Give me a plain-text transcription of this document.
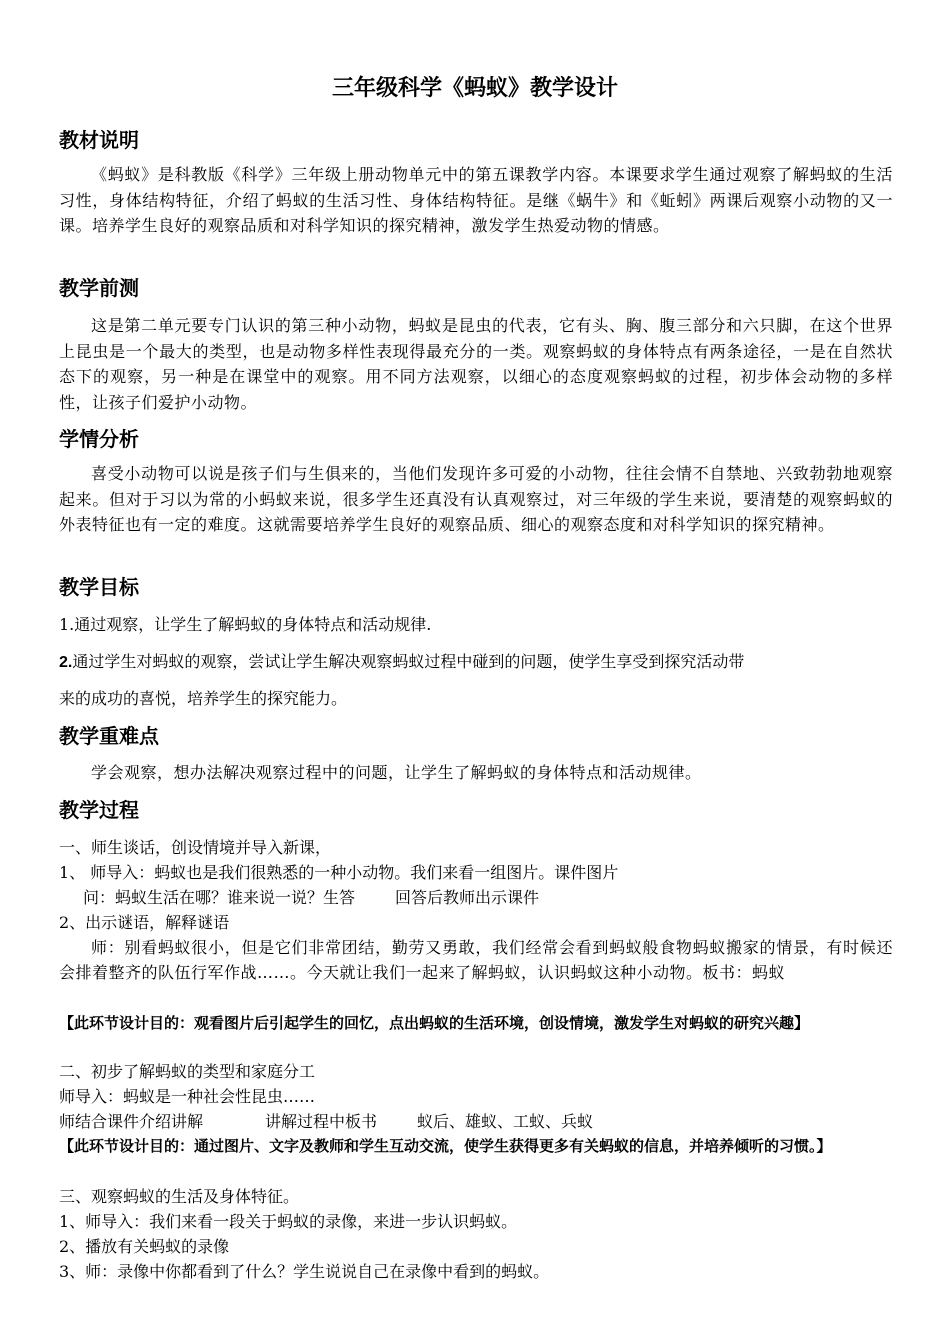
三年级科学《蚂蚁》教学设计
教材说明
《蚂蚁》是科教版《科学》三年级上册动物单元中的第五课教学内容。本课要求学生通过观察了解蚂蚁的生活习性，身体结构特征，介绍了蚂蚁的生活习性、身体结构特征。是继《蜗牛》和《蚯蚓》两课后观察小动物的又一课。培养学生良好的观察品质和对科学知识的探究精神，激发学生热爱动物的情感。
教学前测
这是第二单元要专门认识的第三种小动物，蚂蚁是昆虫的代表，它有头、胸、腹三部分和六只脚，在这个世界上昆虫是一个最大的类型，也是动物多样性表现得最充分的一类。观察蚂蚁的身体特点有两条途径，一是在自然状态下的观察，另一种是在课堂中的观察。用不同方法观察，以细心的态度观察蚂蚁的过程，初步体会动物的多样性，让孩子们爱护小动物。
学情分析
喜受小动物可以说是孩子们与生俱来的，当他们发现许多可爱的小动物，往往会情不自禁地、兴致勃勃地观察起来。但对于习以为常的小蚂蚁来说，很多学生还真没有认真观察过，对三年级的学生来说，要清楚的观察蚂蚁的外表特征也有一定的难度。这就需要培养学生良好的观察品质、细心的观察态度和对科学知识的探究精神。
教学目标
1.通过观察，让学生了解蚂蚁的身体特点和活动规律.
2.通过学生对蚂蚁的观察，尝试让学生解决观察蚂蚁过程中碰到的问题，使学生享受到探究活动带
来的成功的喜悦，培养学生的探究能力。
教学重难点
学会观察，想办法解决观察过程中的问题，让学生了解蚂蚁的身体特点和活动规律。
教学过程
一、师生谈话，创设情境并导入新课，
1、 师导入：蚂蚁也是我们很熟悉的一种小动物。我们来看一组图片。课件图片
问：蚂蚁生活在哪？谁来说一说？生答	回答后教师出示课件
2、出示谜语，解释谜语
师：别看蚂蚁很小，但是它们非常团结，勤劳又勇敢，我们经常会看到蚂蚁般食物蚂蚁搬家的情景，有时候还会排着整齐的队伍行军作战……。今天就让我们一起来了解蚂蚁，认识蚂蚁这种小动物。板书：蚂蚁
【此环节设计目的：观看图片后引起学生的回忆，点出蚂蚁的生活环境，创设情境，激发学生对蚂蚁的研究兴趣】
二、初步了解蚂蚁的类型和家庭分工
师导入：蚂蚁是一种社会性昆虫……
师结合课件介绍讲解	讲解过程中板书	蚁后、雄蚁、工蚁、兵蚁
【此环节设计目的：通过图片、文字及教师和学生互动交流，使学生获得更多有关蚂蚁的信息，并培养倾听的习惯。】
三、观察蚂蚁的生活及身体特征。
1、师导入：我们来看一段关于蚂蚁的录像，来进一步认识蚂蚁。
2、播放有关蚂蚁的录像
3、师：录像中你都看到了什么？学生说说自己在录像中看到的蚂蚁。
